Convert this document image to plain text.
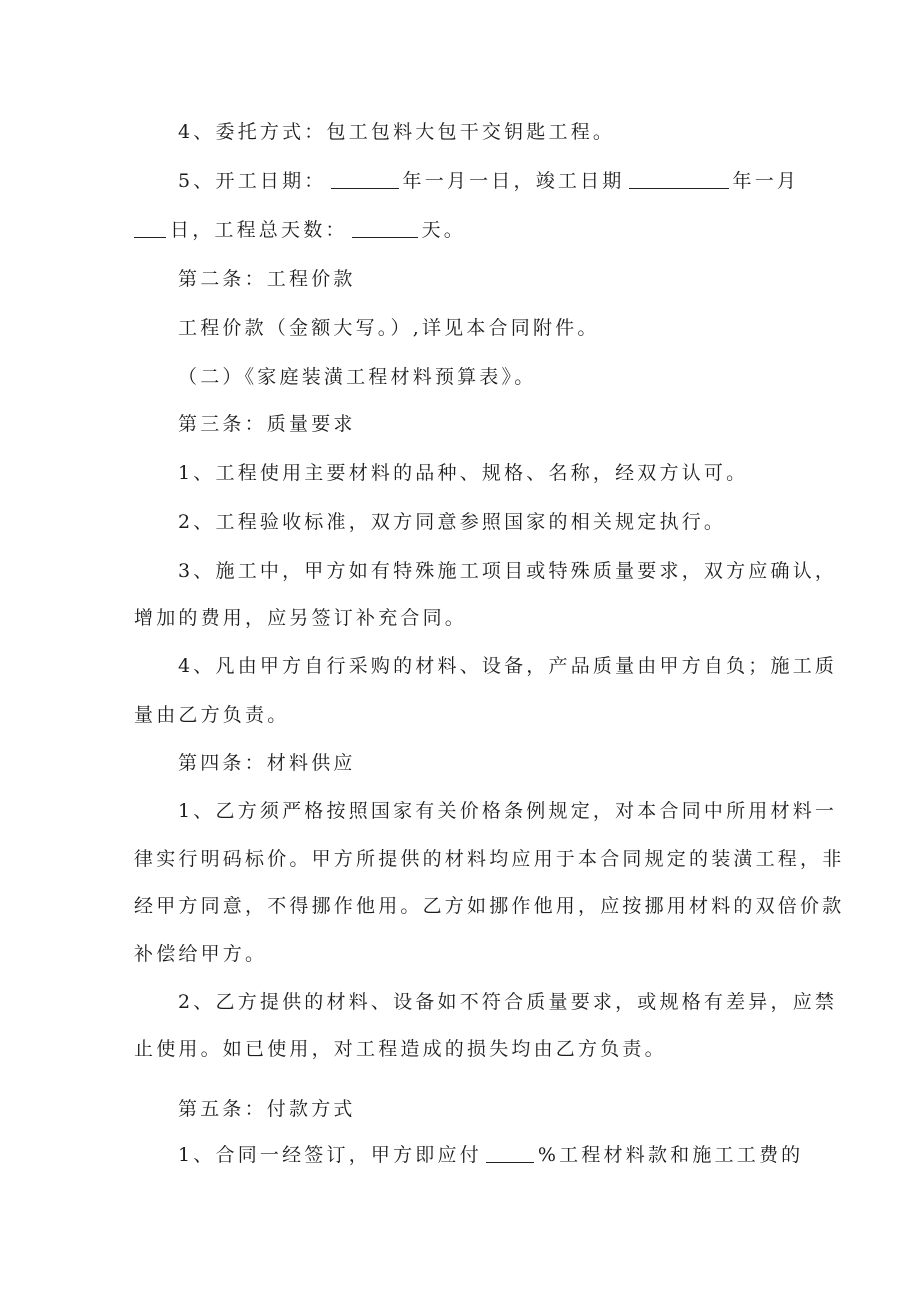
4、委托方式：包工包料大包干交钥匙工程。
5、开工日期：	年一月一日，竣工日期	年一月
日，工程总天数：	天。
第二条：工程价款
工程价款（金额大写。）,详见本合同附件。
（二）《家庭装潢工程材料预算表》。
第三条：质量要求
1、工程使用主要材料的品种、规格、名称，经双方认可。
2、工程验收标准，双方同意参照国家的相关规定执行。
3、施工中，甲方如有特殊施工项目或特殊质量要求，双方应确认，
增加的费用，应另签订补充合同。
4、凡由甲方自行采购的材料、设备，产品质量由甲方自负；施工质
量由乙方负责。
第四条：材料供应
1、乙方须严格按照国家有关价格条例规定，对本合同中所用材料一
律实行明码标价。甲方所提供的材料均应用于本合同规定的装潢工程，非
经甲方同意，不得挪作他用。乙方如挪作他用，应按挪用材料的双倍价款
补偿给甲方。
2、乙方提供的材料、设备如不符合质量要求，或规格有差异，应禁
止使用。如已使用，对工程造成的损失均由乙方负责。
第五条：付款方式
1、合同一经签订，甲方即应付	%工程材料款和施工工费的
